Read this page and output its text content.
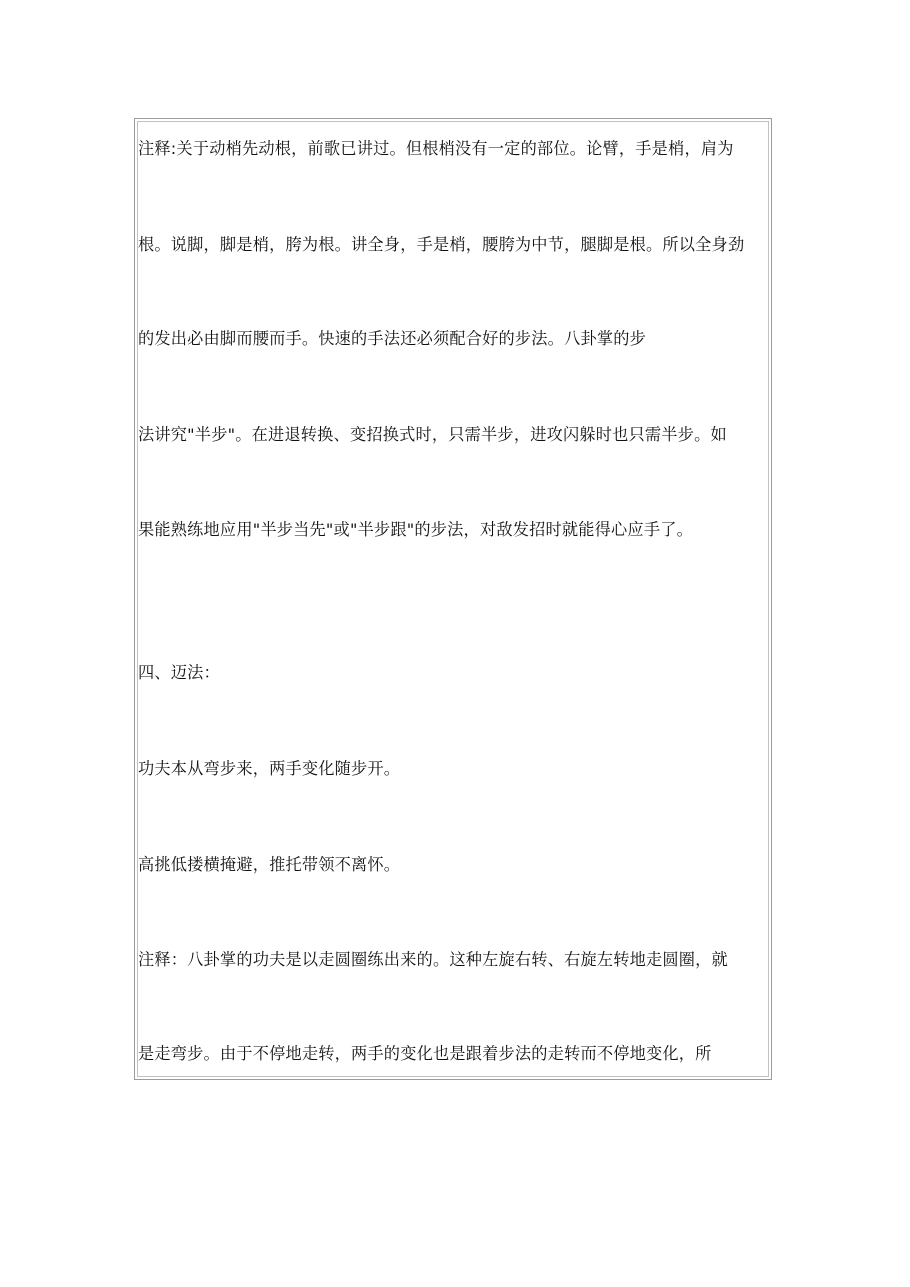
注释:关于动梢先动根，前歌已讲过。但根梢没有一定的部位。论臂，手是梢，肩为
根。说脚，脚是梢，胯为根。讲全身，手是梢，腰胯为中节，腿脚是根。所以全身劲
的发出必由脚而腰而手。快速的手法还必须配合好的步法。八卦掌的步
法讲究"半步"。在进退转换、变招换式时，只需半步，进攻闪躲时也只需半步。如
果能熟练地应用"半步当先"或"半步跟"的步法，对敌发招时就能得心应手了。
四、迈法：
功夫本从弯步来，两手变化随步开。
高挑低搂横掩避，推托带领不离怀。
注释：八卦掌的功夫是以走圆圈练出来的。这种左旋右转、右旋左转地走圆圈，就
是走弯步。由于不停地走转，两手的变化也是跟着步法的走转而不停地变化，所
